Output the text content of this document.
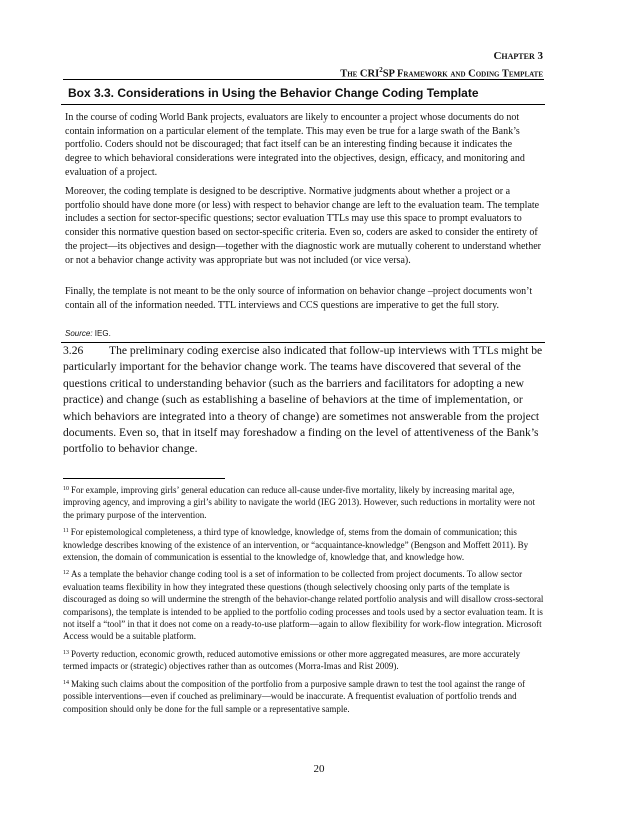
Chapter 3
The CRI$^2$SP Framework and Coding Template
Box 3.3. Considerations in Using the Behavior Change Coding Template

In the course of coding World Bank projects, evaluators are likely to encounter a project whose documents do not contain information on a particular element of the template. This may even be true for a large swath of the Bank’s portfolio. Coders should not be discouraged; that fact itself can be an interesting finding because it indicates the degree to which behavioral considerations were integrated into the objectives, design, efficacy, and monitoring and evaluation of a project.

Moreover, the coding template is designed to be descriptive. Normative judgments about whether a project or a portfolio should have done more (or less) with respect to behavior change are left to the evaluation team. The template includes a section for sector-specific questions; sector evaluation TTLs may use this space to prompt evaluators to consider this normative question based on sector-specific criteria. Even so, coders are asked to consider the entirety of the project—its objectives and design—together with the diagnostic work are mutually coherent to understand whether or not a behavior change activity was appropriate but was not included (or vice versa).

Finally, the template is not meant to be the only source of information on behavior change –project documents won’t contain all of the information needed. TTL interviews and CCS questions are imperative to get the full story.

Source: IEG.

3.26 The preliminary coding exercise also indicated that follow-up interviews with TTLs might be particularly important for the behavior change work. The teams have discovered that several of the questions critical to understanding behavior (such as the barriers and facilitators for adopting a new practice) and change (such as establishing a baseline of behaviors at the time of implementation, or which behaviors are integrated into a theory of change) are sometimes not answerable from the project documents. Even so, that in itself may foreshadow a finding on the level of attentiveness of the Bank’s portfolio to behavior change.

$^{10}$ For example, improving girls’ general education can reduce all-cause under-five mortality, likely by increasing marital age, improving agency, and improving a girl’s ability to navigate the world (IEG 2013). However, such reductions in mortality were not the primary purpose of the intervention.

$^{11}$ For epistemological completeness, a third type of knowledge, knowledge of, stems from the domain of communication; this knowledge describes knowing of the existence of an intervention, or “acquaintance-knowledge” (Bengson and Moffett 2011). By extension, the domain of communication is essential to the knowledge of, knowledge that, and knowledge how.

$^{12}$ As a template the behavior change coding tool is a set of information to be collected from project documents. To allow sector evaluation teams flexibility in how they integrated these questions (though selectively choosing only parts of the template is discouraged as doing so will undermine the strength of the behavior-change related portfolio analysis and will disallow cross-sectoral comparisons), the template is intended to be applied to the portfolio coding processes and tools used by a sector evaluation team. It is not itself a “tool” in that it does not come on a ready-to-use platform—again to allow flexibility for work-flow integration. Microsoft Access would be a suitable platform.

$^{13}$ Poverty reduction, economic growth, reduced automotive emissions or other more aggregated measures, are more accurately termed impacts or (strategic) objectives rather than as outcomes (Morra-Imas and Rist 2009).

$^{14}$ Making such claims about the composition of the portfolio from a purposive sample drawn to test the tool against the range of possible interventions—even if couched as preliminary—would be inaccurate. A frequentist evaluation of portfolio trends and composition should only be done for the full sample or a representative sample.

20
